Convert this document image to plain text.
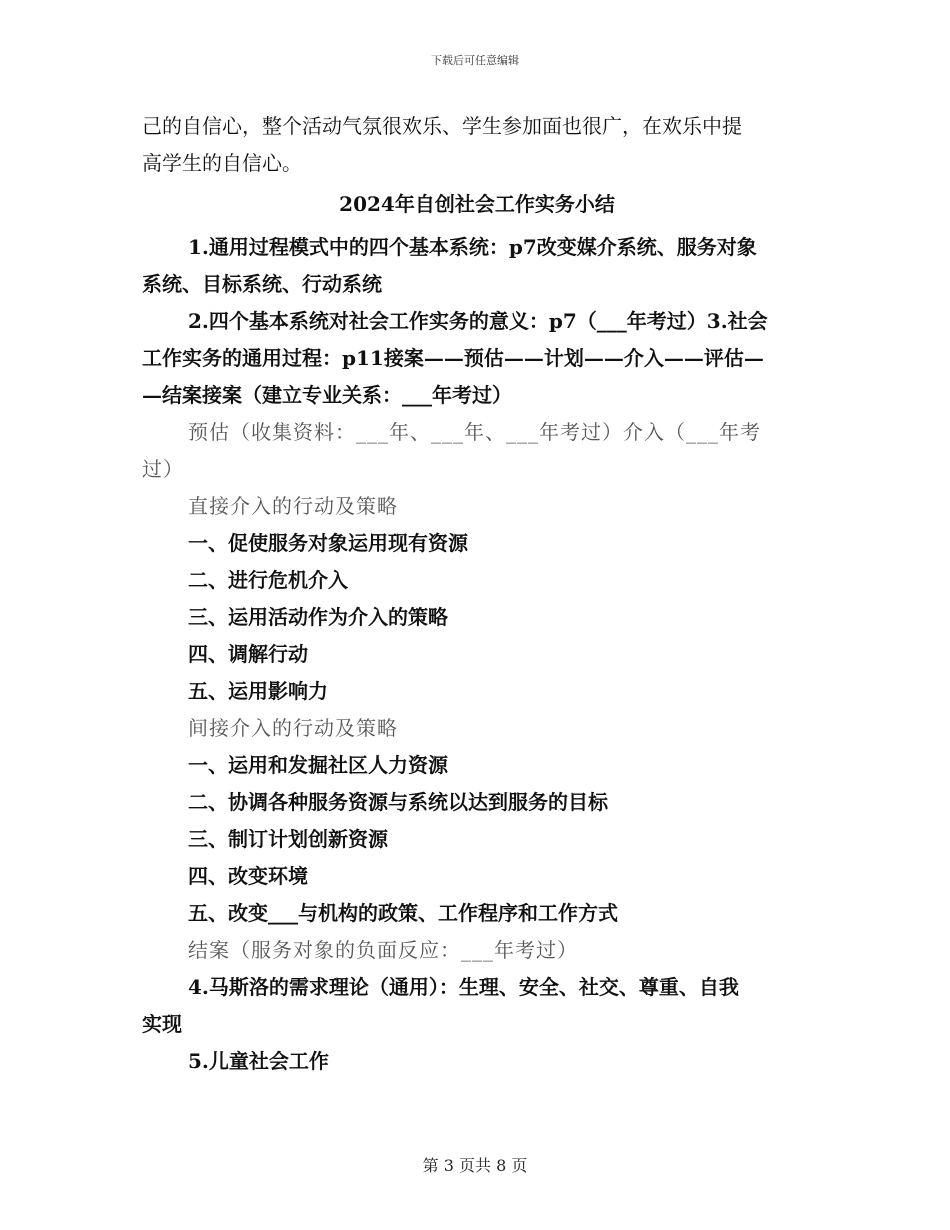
下载后可任意编辑
己的自信心，整个活动气氛很欢乐、学生参加面也很广，在欢乐中提
高学生的自信心。
2024年自创社会工作实务小结
1.通用过程模式中的四个基本系统：p7改变媒介系统、服务对象
系统、目标系统、行动系统
2.四个基本系统对社会工作实务的意义：p7（___年考过）3.社会
工作实务的通用过程：p11接案——预估——计划——介入——评估—
—结案接案（建立专业关系：___年考过）
预估（收集资料：___年、___年、___年考过）介入（___年考
过）
直接介入的行动及策略
一、促使服务对象运用现有资源
二、进行危机介入
三、运用活动作为介入的策略
四、调解行动
五、运用影响力
间接介入的行动及策略
一、运用和发掘社区人力资源
二、协调各种服务资源与系统以达到服务的目标
三、制订计划创新资源
四、改变环境
五、改变___与机构的政策、工作程序和工作方式
结案（服务对象的负面反应：___年考过）
4.马斯洛的需求理论（通用）：生理、安全、社交、尊重、自我
实现
5.儿童社会工作
第 3 页共 8 页
